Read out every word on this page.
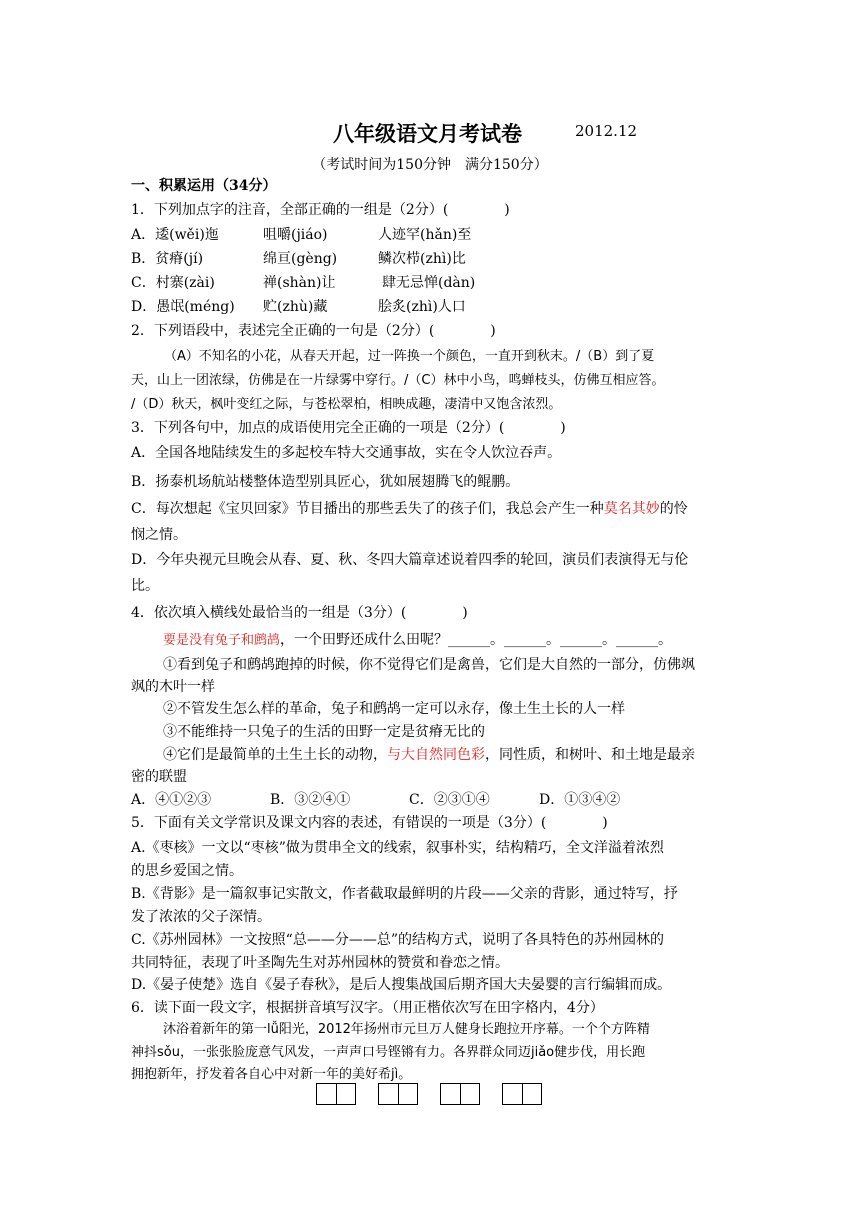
八年级语文月考试卷	2012.12
（考试时间为150分钟　满分150分）
一、积累运用（34分）
1．下列加点字的注音，全部正确的一组是（2分）(　　　　)
A．逶(wěi)迤	咀嚼(jiáo)	人迹罕(hǎn)至
B．贫瘠(jí)	绵亘(gèng)	鳞次栉(zhì)比
C．村寨(zài)	禅(shàn)让	肆无忌惮(dàn)
D．愚氓(méng) 贮(zhù)藏	脍炙(zhì)人口
2．下列语段中，表述完全正确的一句是（2分）(　　　　)
（A）不知名的小花，从春天开起，过一阵换一个颜色，一直开到秋末。/（B）到了夏
天，山上一团浓绿，仿佛是在一片绿雾中穿行。/（C）林中小鸟，鸣蝉枝头，仿佛互相应答。
/（D）秋天，枫叶变红之际，与苍松翠柏，相映成趣，凄清中又饱含浓烈。
3．下列各句中，加点的成语使用完全正确的一项是（2分）(　　　　)
A．全国各地陆续发生的多起校车特大交通事故，实在令人饮泣吞声。
B．扬泰机场航站楼整体造型别具匠心，犹如展翅腾飞的鲲鹏。
C．每次想起《宝贝回家》节目播出的那些丢失了的孩子们，我总会产生一种莫名其妙的怜
悯之情。
D．今年央视元旦晚会从春、夏、秋、冬四大篇章述说着四季的轮回，演员们表演得无与伦
比。
4．依次填入横线处最恰当的一组是（3分）(　　　　)
要是没有兔子和鹧鸪，一个田野还成什么田呢？______。______。______。______。
①看到兔子和鹧鸪跑掉的时候，你不觉得它们是禽兽，它们是大自然的一部分，仿佛飒
飒的木叶一样
②不管发生怎么样的革命，兔子和鹧鸪一定可以永存，像土生土长的人一样
③不能维持一只兔子的生活的田野一定是贫瘠无比的
④它们是最简单的土生土长的动物，与大自然同色彩，同性质，和树叶、和土地是最亲
密的联盟
A．④①②③	B．③②④①	C．②③①④	D．①③④②
5．下面有关文学常识及课文内容的表述，有错误的一项是（3分）(　　　　)
A.《枣核》一文以“枣核”做为贯串全文的线索，叙事朴实，结构精巧，全文洋溢着浓烈
的思乡爱国之情。
B.《背影》是一篇叙事记实散文，作者截取最鲜明的片段——父亲的背影，通过特写，抒
发了浓浓的父子深情。
C.《苏州园林》一文按照“总——分——总”的结构方式，说明了各具特色的苏州园林的
共同特征，表现了叶圣陶先生对苏州园林的赞赏和眷恋之情。
D.《晏子使楚》选自《晏子春秋》，是后人搜集战国后期齐国大夫晏婴的言行编辑而成。
6．读下面一段文字，根据拼音填写汉字。（用正楷依次写在田字格内，4分）
沐浴着新年的第一lǚ阳光，2012年扬州市元旦万人健身长跑拉开序幕。一个个方阵精
神抖sǒu，一张张脸庞意气风发，一声声口号铿锵有力。各界群众同迈jiǎo健步伐，用长跑
拥抱新年，抒发着各自心中对新一年的美好希jì。
